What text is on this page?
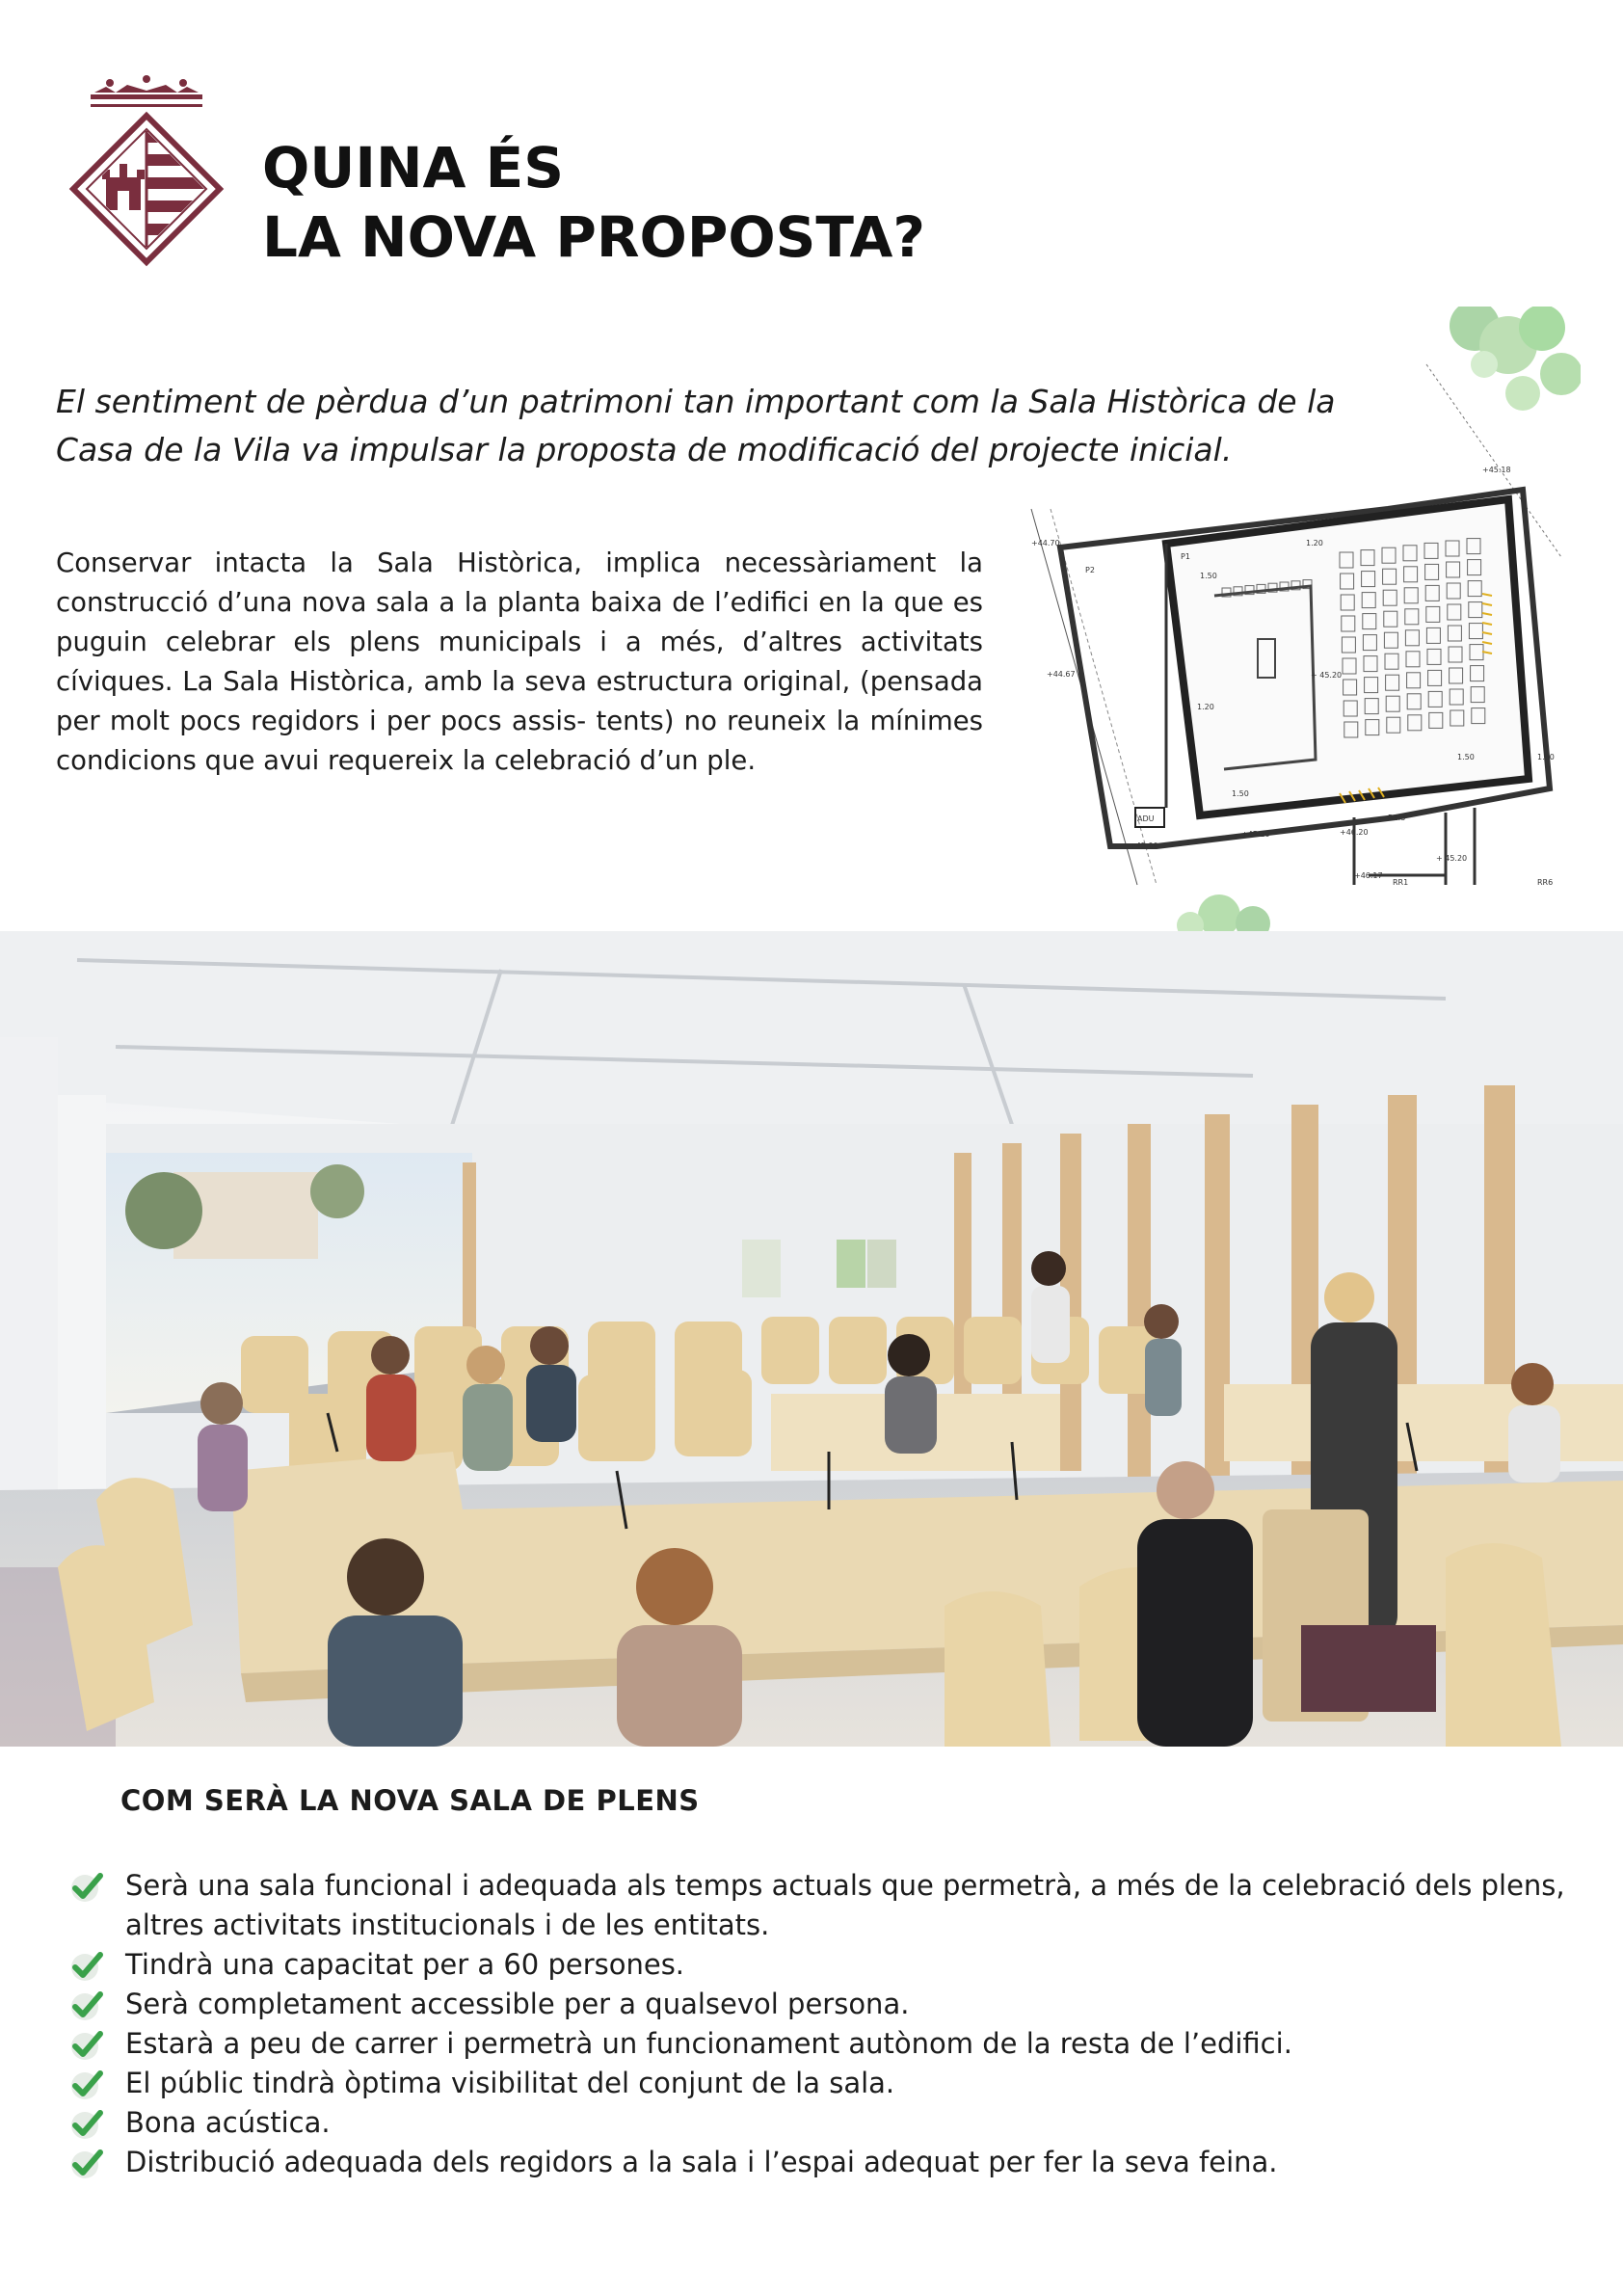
QUINA ÉS
LA NOVA PROPOSTA?

El sentiment de pèrdua d’un patrimoni tan important com la Sala Històrica de la Casa de la Vila va impulsar la proposta de modificació del projecte inicial.

Conservar intacta la Sala Històrica, implica necessàriament la construcció d’una nova sala a la planta baixa de l’edifici en la que es puguin celebrar els plens municipals i a més, d’altres activitats cíviques. La Sala Històrica, amb la seva estructura original, (pensada per molt pocs regidors i per pocs assis- tents) no reuneix la mínimes condicions que avui requereix la celebració d’un ple.

P1
P2
+ 45.20
+ 45.20
R1.3
ADU
RR1	RR6
+44.70
+44.67
+45.00
+46.17
+45.18
+45.20	+46.20
1.20
1.50
1.50
1.20
1.50
1.50
COM SERÀ LA NOVA SALA DE PLENS
Serà una sala funcional i adequada als temps actuals que permetrà, a més de la celebració dels plens, altres activitats institucionals i de les entitats.
Tindrà una capacitat per a 60 persones.
Serà completament accessible per a qualsevol persona.
Estarà a peu de carrer i permetrà un funcionament autònom de la resta de l’edifici.
El públic tindrà òptima visibilitat del conjunt de la sala.
Bona acústica.
Distribució adequada dels regidors a la sala i l’espai adequat per fer la seva feina.
